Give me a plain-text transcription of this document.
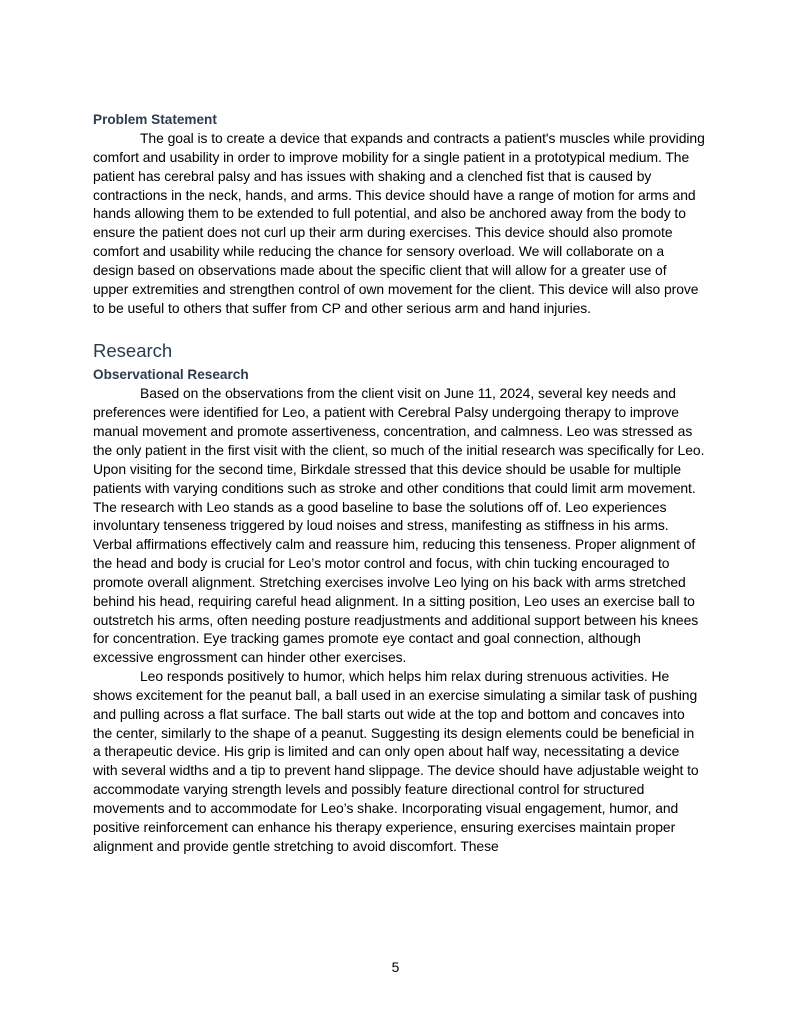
Problem Statement

The goal is to create a device that expands and contracts a patient's muscles while providing comfort and usability in order to improve mobility for a single patient in a prototypical medium. The patient has cerebral palsy and has issues with shaking and a clenched fist that is caused by contractions in the neck, hands, and arms. This device should have a range of motion for arms and hands allowing them to be extended to full potential, and also be anchored away from the body to ensure the patient does not curl up their arm during exercises. This device should also promote comfort and usability while reducing the chance for sensory overload. We will collaborate on a design based on observations made about the specific client that will allow for a greater use of upper extremities and strengthen control of own movement for the client. This device will also prove to be useful to others that suffer from CP and other serious arm and hand injuries.

Research
Observational Research

Based on the observations from the client visit on June 11, 2024, several key needs and preferences were identified for Leo, a patient with Cerebral Palsy undergoing therapy to improve manual movement and promote assertiveness, concentration, and calmness. Leo was stressed as the only patient in the first visit with the client, so much of the initial research was specifically for Leo. Upon visiting for the second time, Birkdale stressed that this device should be usable for multiple patients with varying conditions such as stroke and other conditions that could limit arm movement. The research with Leo stands as a good baseline to base the solutions off of. Leo experiences involuntary tenseness triggered by loud noises and stress, manifesting as stiffness in his arms. Verbal affirmations effectively calm and reassure him, reducing this tenseness. Proper alignment of the head and body is crucial for Leo’s motor control and focus, with chin tucking encouraged to promote overall alignment. Stretching exercises involve Leo lying on his back with arms stretched behind his head, requiring careful head alignment. In a sitting position, Leo uses an exercise ball to outstretch his arms, often needing posture readjustments and additional support between his knees for concentration. Eye tracking games promote eye contact and goal connection, although excessive engrossment can hinder other exercises.

Leo responds positively to humor, which helps him relax during strenuous activities. He shows excitement for the peanut ball, a ball used in an exercise simulating a similar task of pushing and pulling across a flat surface. The ball starts out wide at the top and bottom and concaves into the center, similarly to the shape of a peanut. Suggesting its design elements could be beneficial in a therapeutic device. His grip is limited and can only open about half way, necessitating a device with several widths and a tip to prevent hand slippage. The device should have adjustable weight to accommodate varying strength levels and possibly feature directional control for structured movements and to accommodate for Leo’s shake. Incorporating visual engagement, humor, and positive reinforcement can enhance his therapy experience, ensuring exercises maintain proper alignment and provide gentle stretching to avoid discomfort. These

5
